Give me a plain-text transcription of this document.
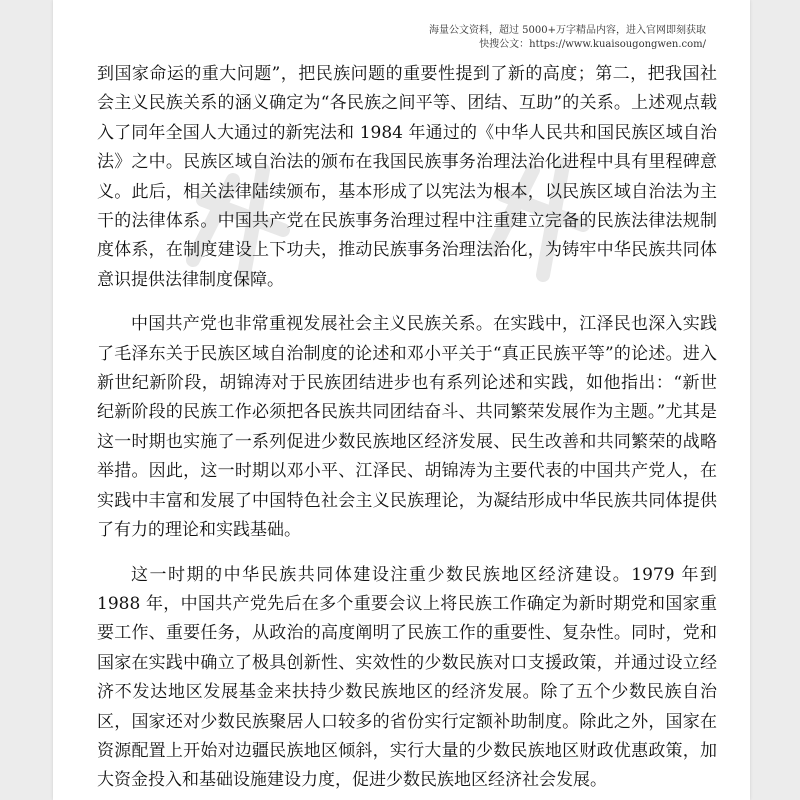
海量公文资料，超过 5000+万字精品内容，进入官网即刻获取
快搜公文：https://www.kuaisougongwen.com/

到国家命运的重大问题”，把民族问题的重要性提到了新的高度；第二，把我国社会主义民族关系的涵义确定为“各民族之间平等、团结、互助”的关系。上述观点载入了同年全国人大通过的新宪法和 1984 年通过的《中华人民共和国民族区域自治法》之中。民族区域自治法的颁布在我国民族事务治理法治化进程中具有里程碑意义。此后，相关法律陆续颁布，基本形成了以宪法为根本，以民族区域自治法为主干的法律体系。中国共产党在民族事务治理过程中注重建立完备的民族法律法规制度体系，在制度建设上下功夫，推动民族事务治理法治化，为铸牢中华民族共同体意识提供法律制度保障。

中国共产党也非常重视发展社会主义民族关系。在实践中，江泽民也深入实践了毛泽东关于民族区域自治制度的论述和邓小平关于“真正民族平等”的论述。进入新世纪新阶段，胡锦涛对于民族团结进步也有系列论述和实践，如他指出：“新世纪新阶段的民族工作必须把各民族共同团结奋斗、共同繁荣发展作为主题。”尤其是这一时期也实施了一系列促进少数民族地区经济发展、民生改善和共同繁荣的战略举措。因此，这一时期以邓小平、江泽民、胡锦涛为主要代表的中国共产党人，在实践中丰富和发展了中国特色社会主义民族理论，为凝结形成中华民族共同体提供了有力的理论和实践基础。

这一时期的中华民族共同体建设注重少数民族地区经济建设。1979 年到 1988 年，中国共产党先后在多个重要会议上将民族工作确定为新时期党和国家重要工作、重要任务，从政治的高度阐明了民族工作的重要性、复杂性。同时，党和国家在实践中确立了极具创新性、实效性的少数民族对口支援政策，并通过设立经济不发达地区发展基金来扶持少数民族地区的经济发展。除了五个少数民族自治区，国家还对少数民族聚居人口较多的省份实行定额补助制度。除此之外，国家在资源配置上开始对边疆民族地区倾斜，实行大量的少数民族地区财政优惠政策，加大资金投入和基础设施建设力度，促进少数民族地区经济社会发展。
